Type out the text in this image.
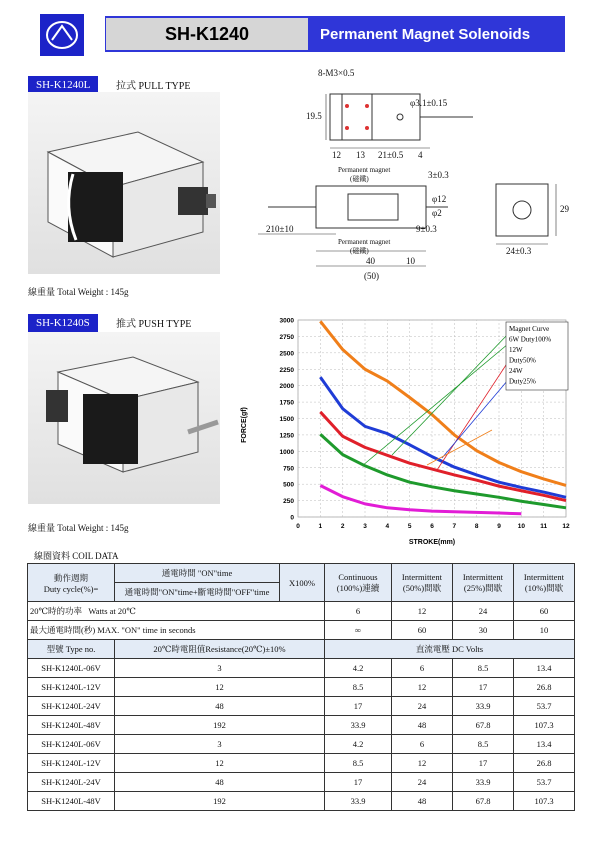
SH-K1240	Permanent Magnet Solenoids
SH-K1240L	拉式 PULL TYPE
線重量 Total Weight : 145g
8-M3×0.5
φ3.1±0.15
19.5
12 13 21±0.5 4
Permanent magnet
(磁鐵)	3±0.3
φ12
φ2
210±10	9±0.3
Permanent magnet
(磁鐵)
40	10
(50)
29
24±0.3
SH-K1240S	推式 PUSH TYPE
線重量 Total Weight : 145g
0
250
500
750
1000
1250
1500
1750
2000
2250
2500
2750
3000
0	1	2	3	4	5	6	7	8	9	10 11 12
STROKE(mm)
FORCE(gf)
Magnet Curve
6W Duty100%
12W
Duty50%
24W
Duty25%
線圈資料 COIL DATA
動作週期
Duty cycle(%)=	通電時間 "ON"time	X100%	Continuous (100%)連續	Intermittent (50%)間歇	Intermittent (25%)間歇	Intermittent (10%)間歇
	通電時間"ON"time+斷電時間"OFF"time					
20℃時的功率 Watts at 20℃			6	12	24	60
最大通電時間(秒) MAX. "ON" time in seconds			∞	60	30	10
型號 Type no.	20℃時電阻值Resistance(20℃)±10%		直流電壓 DC Volts			
SH-K1240L-06V	3		4.2	6	8.5	13.4
SH-K1240L-12V	12		8.5	12	17	26.8
SH-K1240L-24V	48		17	24	33.9	53.7
SH-K1240L-48V	192		33.9	48	67.8	107.3
SH-K1240L-06V	3		4.2	6	8.5	13.4
SH-K1240L-12V	12		8.5	12	17	26.8
SH-K1240L-24V	48		17	24	33.9	53.7
SH-K1240L-48V	192		33.9	48	67.8	107.3
